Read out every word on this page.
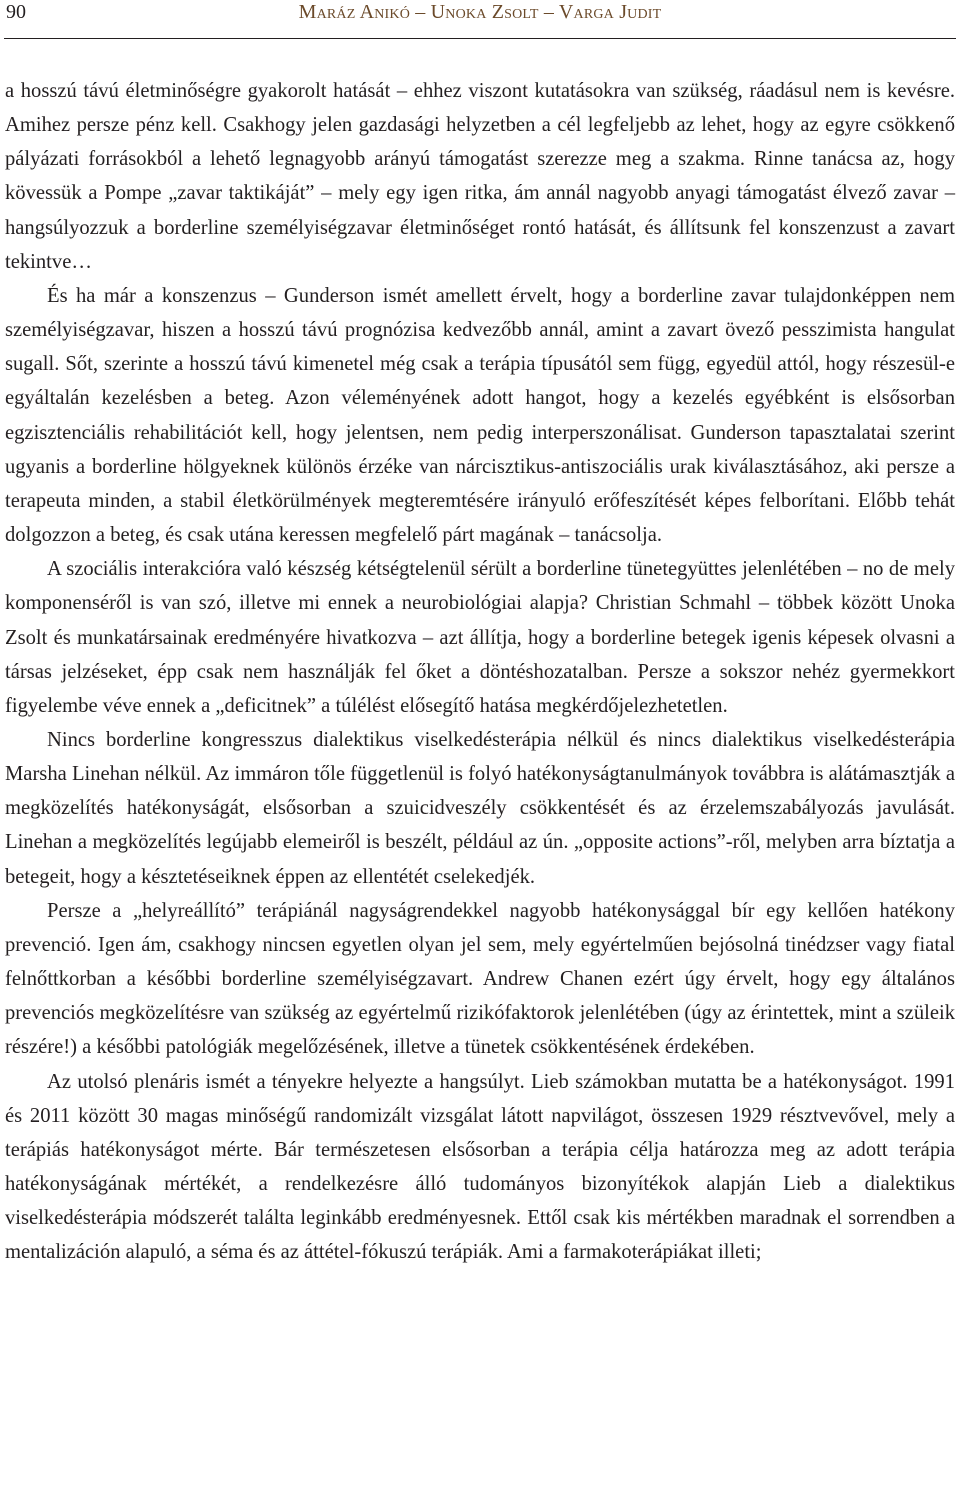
90	Maráz Anikó – Unoka Zsolt – Varga Judit

a hosszú távú életminőségre gyakorolt hatását – ehhez viszont kutatásokra van szükség, ráadásul nem is kevésre. Amihez persze pénz kell. Csakhogy jelen gazdasági helyzetben a cél legfeljebb az lehet, hogy az egyre csökkenő pályázati forrásokból a lehető legnagyobb arányú támogatást szerezze meg a szakma. Rinne tanácsa az, hogy kövessük a Pompe „zavar taktikáját” – mely egy igen ritka, ám annál nagyobb anyagi támogatást élvező zavar – hangsúlyozzuk a borderline személyiségzavar életminőséget rontó hatását, és állítsunk fel konszenzust a zavart tekintve…

És ha már a konszenzus – Gunderson ismét amellett érvelt, hogy a borderline zavar tulajdonképpen nem személyiségzavar, hiszen a hosszú távú prognózisa kedvezőbb annál, amint a zavart övező pesszimista hangulat sugall. Sőt, szerinte a hosszú távú kimenetel még csak a terápia típusától sem függ, egyedül attól, hogy részesül-e egyáltalán kezelésben a beteg. Azon véleményének adott hangot, hogy a kezelés egyébként is elsősorban egzisztenciális rehabilitációt kell, hogy jelentsen, nem pedig interperszonálisat. Gunderson tapasztalatai szerint ugyanis a borderline hölgyeknek különös érzéke van nárcisztikus-antiszociális urak kiválasztásához, aki persze a terapeuta minden, a stabil életkörülmények megteremtésére irányuló erőfeszítését képes felborítani. Előbb tehát dolgozzon a beteg, és csak utána keressen megfelelő párt magának – tanácsolja.

A szociális interakcióra való készség kétségtelenül sérült a borderline tünetegyüttes jelenlétében – no de mely komponenséről is van szó, illetve mi ennek a neurobiológiai alapja? Christian Schmahl – többek között Unoka Zsolt és munkatársainak eredményére hivatkozva – azt állítja, hogy a borderline betegek igenis képesek olvasni a társas jelzéseket, épp csak nem használják fel őket a döntéshozatalban. Persze a sokszor nehéz gyermekkort figyelembe véve ennek a „deficitnek” a túlélést elősegítő hatása megkérdőjelezhetetlen.

Nincs borderline kongresszus dialektikus viselkedésterápia nélkül és nincs dialektikus viselkedésterápia Marsha Linehan nélkül. Az immáron tőle függetlenül is folyó hatékonyságtanulmányok továbbra is alátámasztják a megközelítés hatékonyságát, elsősorban a szuicidveszély csökkentését és az érzelemszabályozás javulását. Linehan a megközelítés legújabb elemeiről is beszélt, például az ún. „opposite actions”-ről, melyben arra bíztatja a betegeit, hogy a késztetéseiknek éppen az ellentétét cselekedjék.

Persze a „helyreállító” terápiánál nagyságrendekkel nagyobb hatékonysággal bír egy kellően hatékony prevenció. Igen ám, csakhogy nincsen egyetlen olyan jel sem, mely egyértelműen bejósolná tinédzser vagy fiatal felnőttkorban a későbbi borderline személyiségzavart. Andrew Chanen ezért úgy érvelt, hogy egy általános prevenciós megközelítésre van szükség az egyértelmű rizikófaktorok jelenlétében (úgy az érintettek, mint a szüleik részére!) a későbbi patológiák megelőzésének, illetve a tünetek csökkentésének érdekében.

Az utolsó plenáris ismét a tényekre helyezte a hangsúlyt. Lieb számokban mutatta be a hatékonyságot. 1991 és 2011 között 30 magas minőségű randomizált vizsgálat látott napvilágot, összesen 1929 résztvevővel, mely a terápiás hatékonyságot mérte. Bár természetesen elsősorban a terápia célja határozza meg az adott terápia hatékonyságának mértékét, a rendelkezésre álló tudományos bizonyítékok alapján Lieb a dialektikus viselkedésterápia módszerét találta leginkább eredményesnek. Ettől csak kis mértékben maradnak el sorrendben a mentalizáción alapuló, a séma és az áttétel-fókuszú terápiák. Ami a farmakoterápiákat illeti;
